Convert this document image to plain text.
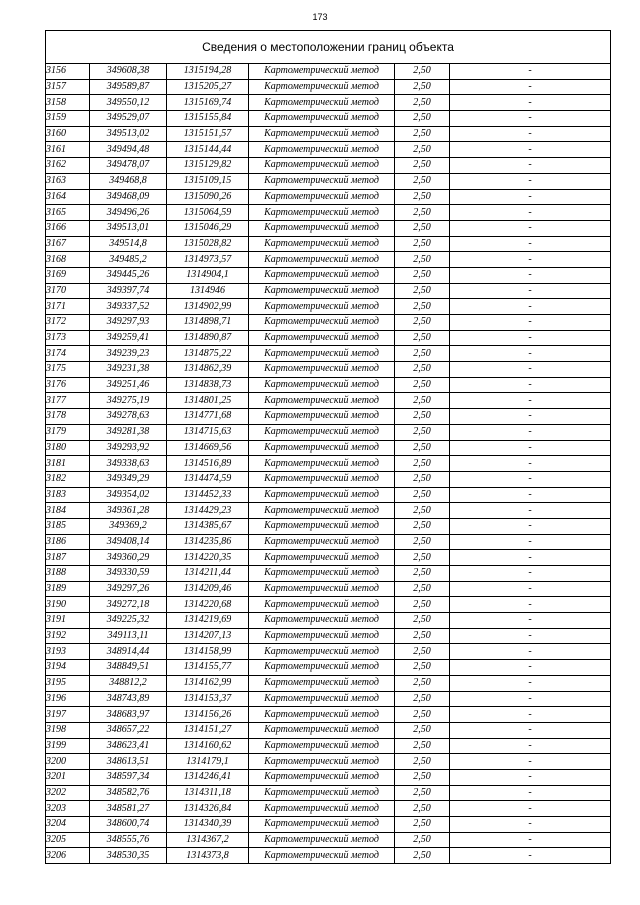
173
Сведения о местоположении границ объекта					
3156	349608,38	1315194,28	Картометрический метод	2,50	-
3157	349589,87	1315205,27	Картометрический метод	2,50	-
3158	349550,12	1315169,74	Картометрический метод	2,50	-
3159	349529,07	1315155,84	Картометрический метод	2,50	-
3160	349513,02	1315151,57	Картометрический метод	2,50	-
3161	349494,48	1315144,44	Картометрический метод	2,50	-
3162	349478,07	1315129,82	Картометрический метод	2,50	-
3163	349468,8	1315109,15	Картометрический метод	2,50	-
3164	349468,09	1315090,26	Картометрический метод	2,50	-
3165	349496,26	1315064,59	Картометрический метод	2,50	-
3166	349513,01	1315046,29	Картометрический метод	2,50	-
3167	349514,8	1315028,82	Картометрический метод	2,50	-
3168	349485,2	1314973,57	Картометрический метод	2,50	-
3169	349445,26	1314904,1	Картометрический метод	2,50	-
3170	349397,74	1314946	Картометрический метод	2,50	-
3171	349337,52	1314902,99	Картометрический метод	2,50	-
3172	349297,93	1314898,71	Картометрический метод	2,50	-
3173	349259,41	1314890,87	Картометрический метод	2,50	-
3174	349239,23	1314875,22	Картометрический метод	2,50	-
3175	349231,38	1314862,39	Картометрический метод	2,50	-
3176	349251,46	1314838,73	Картометрический метод	2,50	-
3177	349275,19	1314801,25	Картометрический метод	2,50	-
3178	349278,63	1314771,68	Картометрический метод	2,50	-
3179	349281,38	1314715,63	Картометрический метод	2,50	-
3180	349293,92	1314669,56	Картометрический метод	2,50	-
3181	349338,63	1314516,89	Картометрический метод	2,50	-
3182	349349,29	1314474,59	Картометрический метод	2,50	-
3183	349354,02	1314452,33	Картометрический метод	2,50	-
3184	349361,28	1314429,23	Картометрический метод	2,50	-
3185	349369,2	1314385,67	Картометрический метод	2,50	-
3186	349408,14	1314235,86	Картометрический метод	2,50	-
3187	349360,29	1314220,35	Картометрический метод	2,50	-
3188	349330,59	1314211,44	Картометрический метод	2,50	-
3189	349297,26	1314209,46	Картометрический метод	2,50	-
3190	349272,18	1314220,68	Картометрический метод	2,50	-
3191	349225,32	1314219,69	Картометрический метод	2,50	-
3192	349113,11	1314207,13	Картометрический метод	2,50	-
3193	348914,44	1314158,99	Картометрический метод	2,50	-
3194	348849,51	1314155,77	Картометрический метод	2,50	-
3195	348812,2	1314162,99	Картометрический метод	2,50	-
3196	348743,89	1314153,37	Картометрический метод	2,50	-
3197	348683,97	1314156,26	Картометрический метод	2,50	-
3198	348657,22	1314151,27	Картометрический метод	2,50	-
3199	348623,41	1314160,62	Картометрический метод	2,50	-
3200	348613,51	1314179,1	Картометрический метод	2,50	-
3201	348597,34	1314246,41	Картометрический метод	2,50	-
3202	348582,76	1314311,18	Картометрический метод	2,50	-
3203	348581,27	1314326,84	Картометрический метод	2,50	-
3204	348600,74	1314340,39	Картометрический метод	2,50	-
3205	348555,76	1314367,2	Картометрический метод	2,50	-
3206	348530,35	1314373,8	Картометрический метод	2,50	-
